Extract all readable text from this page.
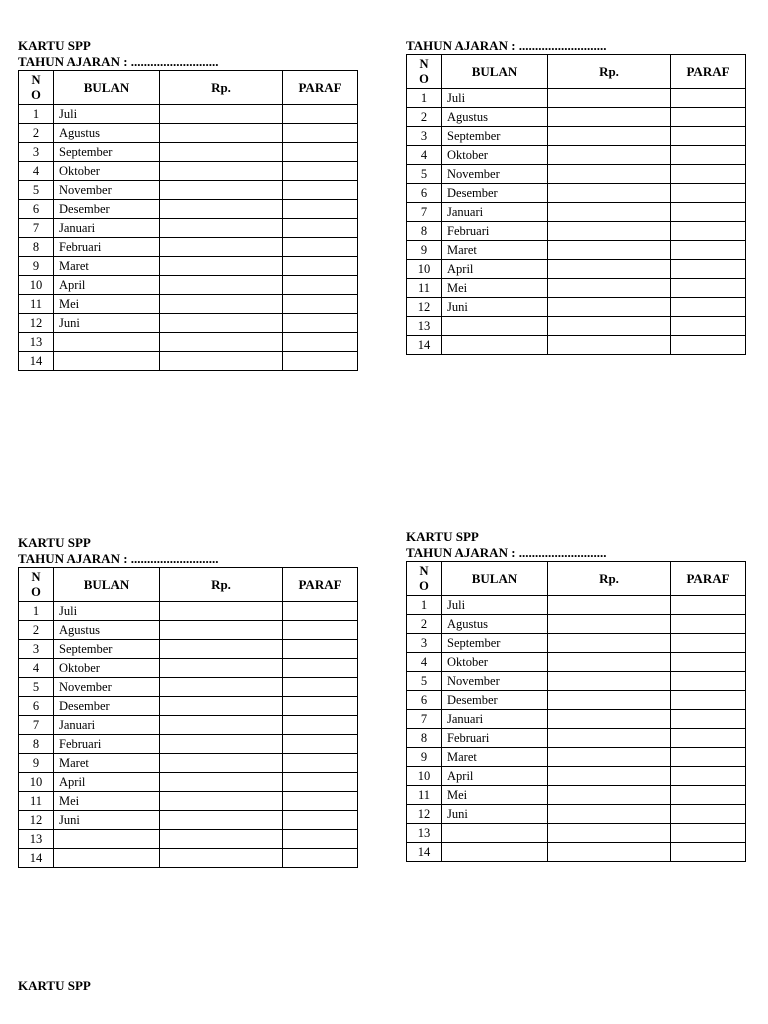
KARTU SPP

TAHUN AJARAN : ...........................

N
O	BULAN	Rp.	PARAF
1	Juli		
2	Agustus		
3	September		
4	Oktober		
5	November		
6	Desember		
7	Januari		
8	Februari		
9	Maret		
10	April		
11	Mei		
12	Juni		
13			
14			

TAHUN AJARAN : ...........................

N
O	BULAN	Rp.	PARAF
1	Juli		
2	Agustus		
3	September		
4	Oktober		
5	November		
6	Desember		
7	Januari		
8	Februari		
9	Maret		
10	April		
11	Mei		
12	Juni		
13			
14			

KARTU SPP

TAHUN AJARAN : ...........................

N
O	BULAN	Rp.	PARAF
1	Juli		
2	Agustus		
3	September		
4	Oktober		
5	November		
6	Desember		
7	Januari		
8	Februari		
9	Maret		
10	April		
11	Mei		
12	Juni		
13			
14			

KARTU SPP

TAHUN AJARAN : ...........................

N
O	BULAN	Rp.	PARAF
1	Juli		
2	Agustus		
3	September		
4	Oktober		
5	November		
6	Desember		
7	Januari		
8	Februari		
9	Maret		
10	April		
11	Mei		
12	Juni		
13			
14			
KARTU SPP
